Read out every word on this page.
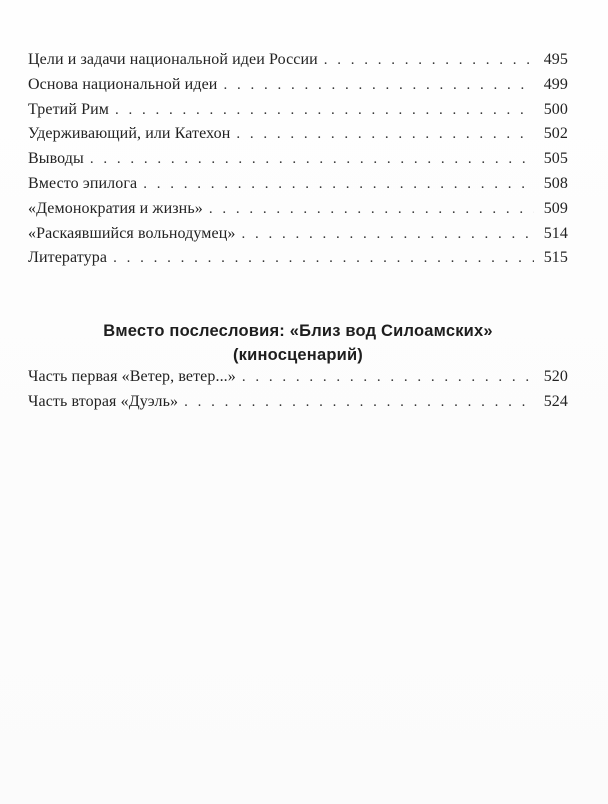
Цели и задачи национальной идеи России . . .	495
Основа национальной идеи . . .	499
Третий Рим . . .	500
Удерживающий, или Катехон . . .	502
Выводы . . .	505
Вместо эпилога . . .	508
«Демонократия и жизнь» . . .	509
«Раскаявшийся вольнодумец» . . .	514
Литература . . .	515
Вместо послесловия: «Близ вод Силоамских»
(киносценарий)
Часть первая «Ветер, ветер...» . . .	520
Часть вторая «Дуэль» . . .	524
